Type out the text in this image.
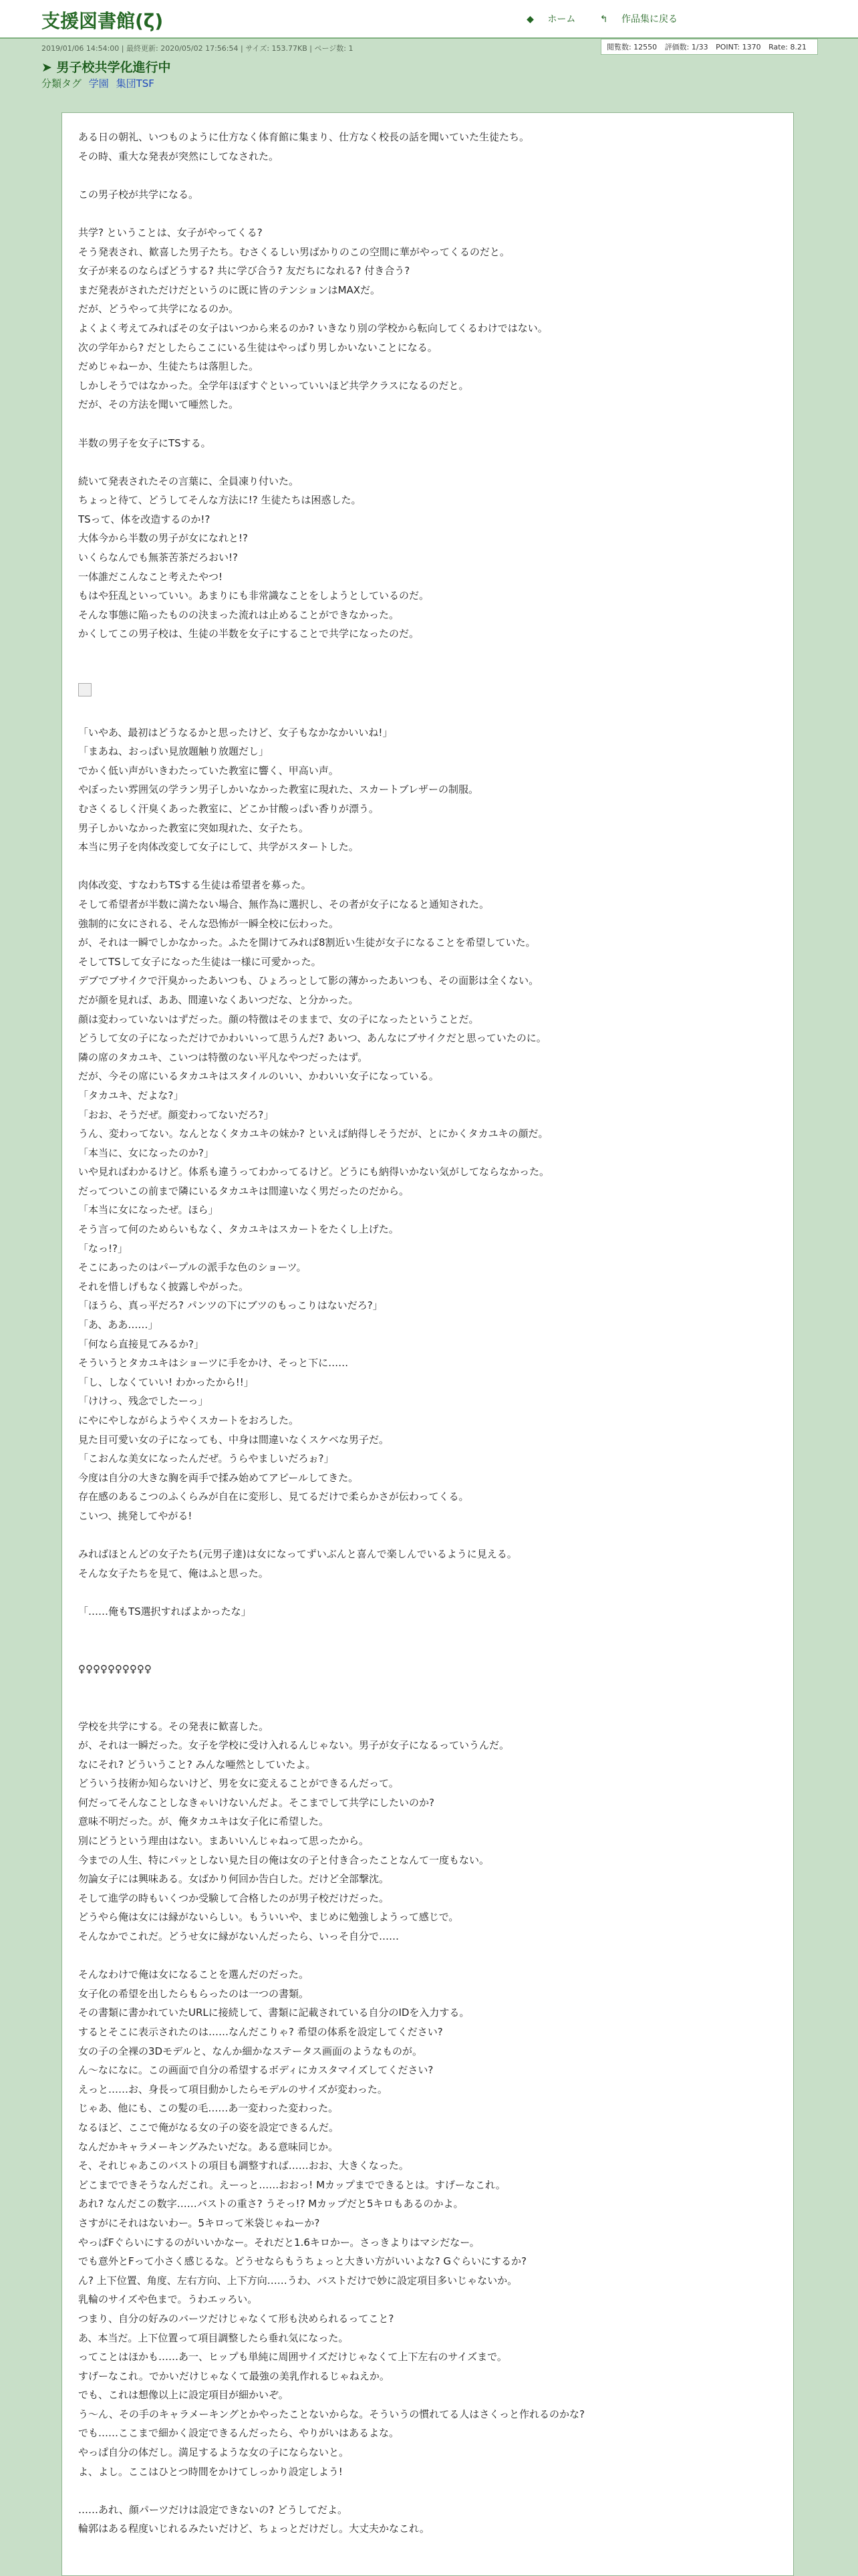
支援図書館(ζ)	◆ ホーム	↰ 作品集に戻る
2019/01/06 14:54:00 | 最終更新: 2020/05/02 17:56:54 | サイズ: 153.77KB | ページ数: 1	閲覧数: 12550 評価数: 1/33 POINT: 1370 Rate: 8.21
➤ 男子校共学化進行中
分類タグ 学園 集団TSF

ある日の朝礼、いつものように仕方なく体育館に集まり、仕方なく校長の話を聞いていた生徒たち。

その時、重大な発表が突然にしてなされた。

この男子校が共学になる。

共学? ということは、女子がやってくる?

そう発表され、歓喜した男子たち。むさくるしい男ばかりのこの空間に華がやってくるのだと。

女子が来るのならばどうする? 共に学び合う? 友だちになれる? 付き合う?

まだ発表がされただけだというのに既に皆のテンションはMAXだ。

だが、どうやって共学になるのか。

よくよく考えてみればその女子はいつから来るのか? いきなり別の学校から転向してくるわけではない。

次の学年から? だとしたらここにいる生徒はやっぱり男しかいないことになる。

だめじゃねーか、生徒たちは落胆した。

しかしそうではなかった。全学年ほぼすぐといっていいほど共学クラスになるのだと。

だが、その方法を聞いて唖然した。

半数の男子を女子にTSする。

続いて発表されたその言葉に、全員凍り付いた。

ちょっと待て、どうしてそんな方法に!? 生徒たちは困惑した。

TSって、体を改造するのか!?

大体今から半数の男子が女になれと!?

いくらなんでも無茶苦茶だろおい!?

一体誰だこんなこと考えたやつ!

もはや狂乱といっていい。あまりにも非常識なことをしようとしているのだ。

そんな事態に陥ったものの決まった流れは止めることができなかった。

かくしてこの男子校は、生徒の半数を女子にすることで共学になったのだ。

「いやあ、最初はどうなるかと思ったけど、女子もなかなかいいね!」

「まあね、おっぱい見放題触り放題だし」

でかく低い声がいきわたっていた教室に響く、甲高い声。

やぼったい雰囲気の学ラン男子しかいなかった教室に現れた、スカートブレザーの制服。

むさくるしく汗臭くあった教室に、どこか甘酸っぱい香りが漂う。

男子しかいなかった教室に突如現れた、女子たち。

本当に男子を肉体改変して女子にして、共学がスタートした。

肉体改変、すなわちTSする生徒は希望者を募った。

そして希望者が半数に満たない場合、無作為に選択し、その者が女子になると通知された。

強制的に女にされる、そんな恐怖が一瞬全校に伝わった。

が、それは一瞬でしかなかった。ふたを開けてみれば8割近い生徒が女子になることを希望していた。

そしてTSして女子になった生徒は一様に可愛かった。

デブでブサイクで汗臭かったあいつも、ひょろっとして影の薄かったあいつも、その面影は全くない。

だが顔を見れば、ああ、間違いなくあいつだな、と分かった。

顔は変わっていないはずだった。顔の特徴はそのままで、女の子になったということだ。

どうして女の子になっただけでかわいいって思うんだ? あいつ、あんなにブサイクだと思っていたのに。

隣の席のタカユキ、こいつは特徴のない平凡なやつだったはず。

だが、今その席にいるタカユキはスタイルのいい、かわいい女子になっている。

「タカユキ、だよな?」

「おお、そうだぜ。顔変わってないだろ?」

うん、変わってない。なんとなくタカユキの妹か? といえば納得しそうだが、とにかくタカユキの顔だ。

「本当に、女になったのか?」

いや見ればわかるけど。体系も違うってわかってるけど。どうにも納得いかない気がしてならなかった。

だってついこの前まで隣にいるタカユキは間違いなく男だったのだから。

「本当に女になったぜ。ほら」

そう言って何のためらいもなく、タカユキはスカートをたくし上げた。

「なっ!?」

そこにあったのはパープルの派手な色のショーツ。

それを惜しげもなく披露しやがった。

「ほうら、真っ平だろ? パンツの下にブツのもっこりはないだろ?」

「あ、ああ……」

「何なら直接見てみるか?」

そういうとタカユキはショーツに手をかけ、そっと下に……

「し、しなくていい! わかったから!!」

「けけっ、残念でしたーっ」

にやにやしながらようやくスカートをおろした。

見た目可愛い女の子になっても、中身は間違いなくスケベな男子だ。

「こおんな美女になったんだぜ。うらやましいだろぉ?」

今度は自分の大きな胸を両手で揉み始めてアピールしてきた。

存在感のあるこつのふくらみが自在に変形し、見てるだけで柔らかさが伝わってくる。

こいつ、挑発してやがる!

みればほとんどの女子たち(元男子達)は女になってずいぶんと喜んで楽しんでいるように見える。

そんな女子たちを見て、俺はふと思った。

「……俺もTS選択すればよかったな」

♀♀♀♀♀♀♀♀♀♀

学校を共学にする。その発表に歓喜した。

が、それは一瞬だった。女子を学校に受け入れるんじゃない。男子が女子になるっていうんだ。

なにそれ? どういうこと? みんな唖然としていたよ。

どういう技術か知らないけど、男を女に変えることができるんだって。

何だってそんなことしなきゃいけないんだよ。そこまでして共学にしたいのか?

意味不明だった。が、俺タカユキは女子化に希望した。

別にどうという理由はない。まあいいんじゃねって思ったから。

今までの人生、特にパッとしない見た目の俺は女の子と付き合ったことなんて一度もない。

勿論女子には興味ある。女ばかり何回か告白した。だけど全部撃沈。

そして進学の時もいくつか受験して合格したのが男子校だけだった。

どうやら俺は女には縁がないらしい。もういいや、まじめに勉強しようって感じで。

そんなかでこれだ。どうせ女に縁がないんだったら、いっそ自分で……

そんなわけで俺は女になることを選んだのだった。

女子化の希望を出したらもらったのは一つの書類。

その書類に書かれていたURLに接続して、書類に記載されている自分のIDを入力する。

するとそこに表示されたのは……なんだこりゃ? 希望の体系を設定してください?

女の子の全裸の3Dモデルと、なんか細かなステータス画面のようなものが。

ん～なになに。この画面で自分の希望するボディにカスタマイズしてください?

えっと……お、身長って項目動かしたらモデルのサイズが変わった。

じゃあ、他にも、この髪の毛……あ一変わった変わった。

なるほど、ここで俺がなる女の子の姿を設定できるんだ。

なんだかキャラメーキングみたいだな。ある意味同じか。

そ、それじゃあこのバストの項目も調整すれば……おお、大きくなった。

どこまでできそうなんだこれ。えーっと……おおっ! Mカップまでできるとは。すげーなこれ。

あれ? なんだこの数字……バストの重さ? うそっ!? Mカップだと5キロもあるのかよ。

さすがにそれはないわー。5キロって米袋じゃねーか?

やっぱFぐらいにするのがいいかなー。それだと1.6キロかー。さっきよりはマシだなー。

でも意外とFって小さく感じるな。どうせならもうちょっと大きい方がいいよな? Gぐらいにするか?

ん? 上下位置、角度、左右方向、上下方向……うわ、バストだけで妙に設定項目多いじゃないか。

乳輪のサイズや色まで。うわエッろい。

つまり、自分の好みのバーツだけじゃなくて形も決められるってこと?

あ、本当だ。上下位置って項目調整したら垂れ気になった。

ってことはほかも……あ一、ヒップも単純に周囲サイズだけじゃなくて上下左右のサイズまで。

すげーなこれ。でかいだけじゃなくて最強の美乳作れるじゃねえか。

でも、これは想像以上に設定項目が細かいぞ。

う～ん、その手のキャラメーキングとかやったことないからな。そういうの慣れてる人はさくっと作れるのかな?

でも……ここまで細かく設定できるんだったら、やりがいはあるよな。

やっぱ自分の体だし。満足するような女の子にならないと。

よ、よし。ここはひとつ時間をかけてしっかり設定しよう!

……あれ、顔パーツだけは設定できないの? どうしてだよ。

輪郭はある程度いじれるみたいだけど、ちょっとだけだし。大丈夫かなこれ。
